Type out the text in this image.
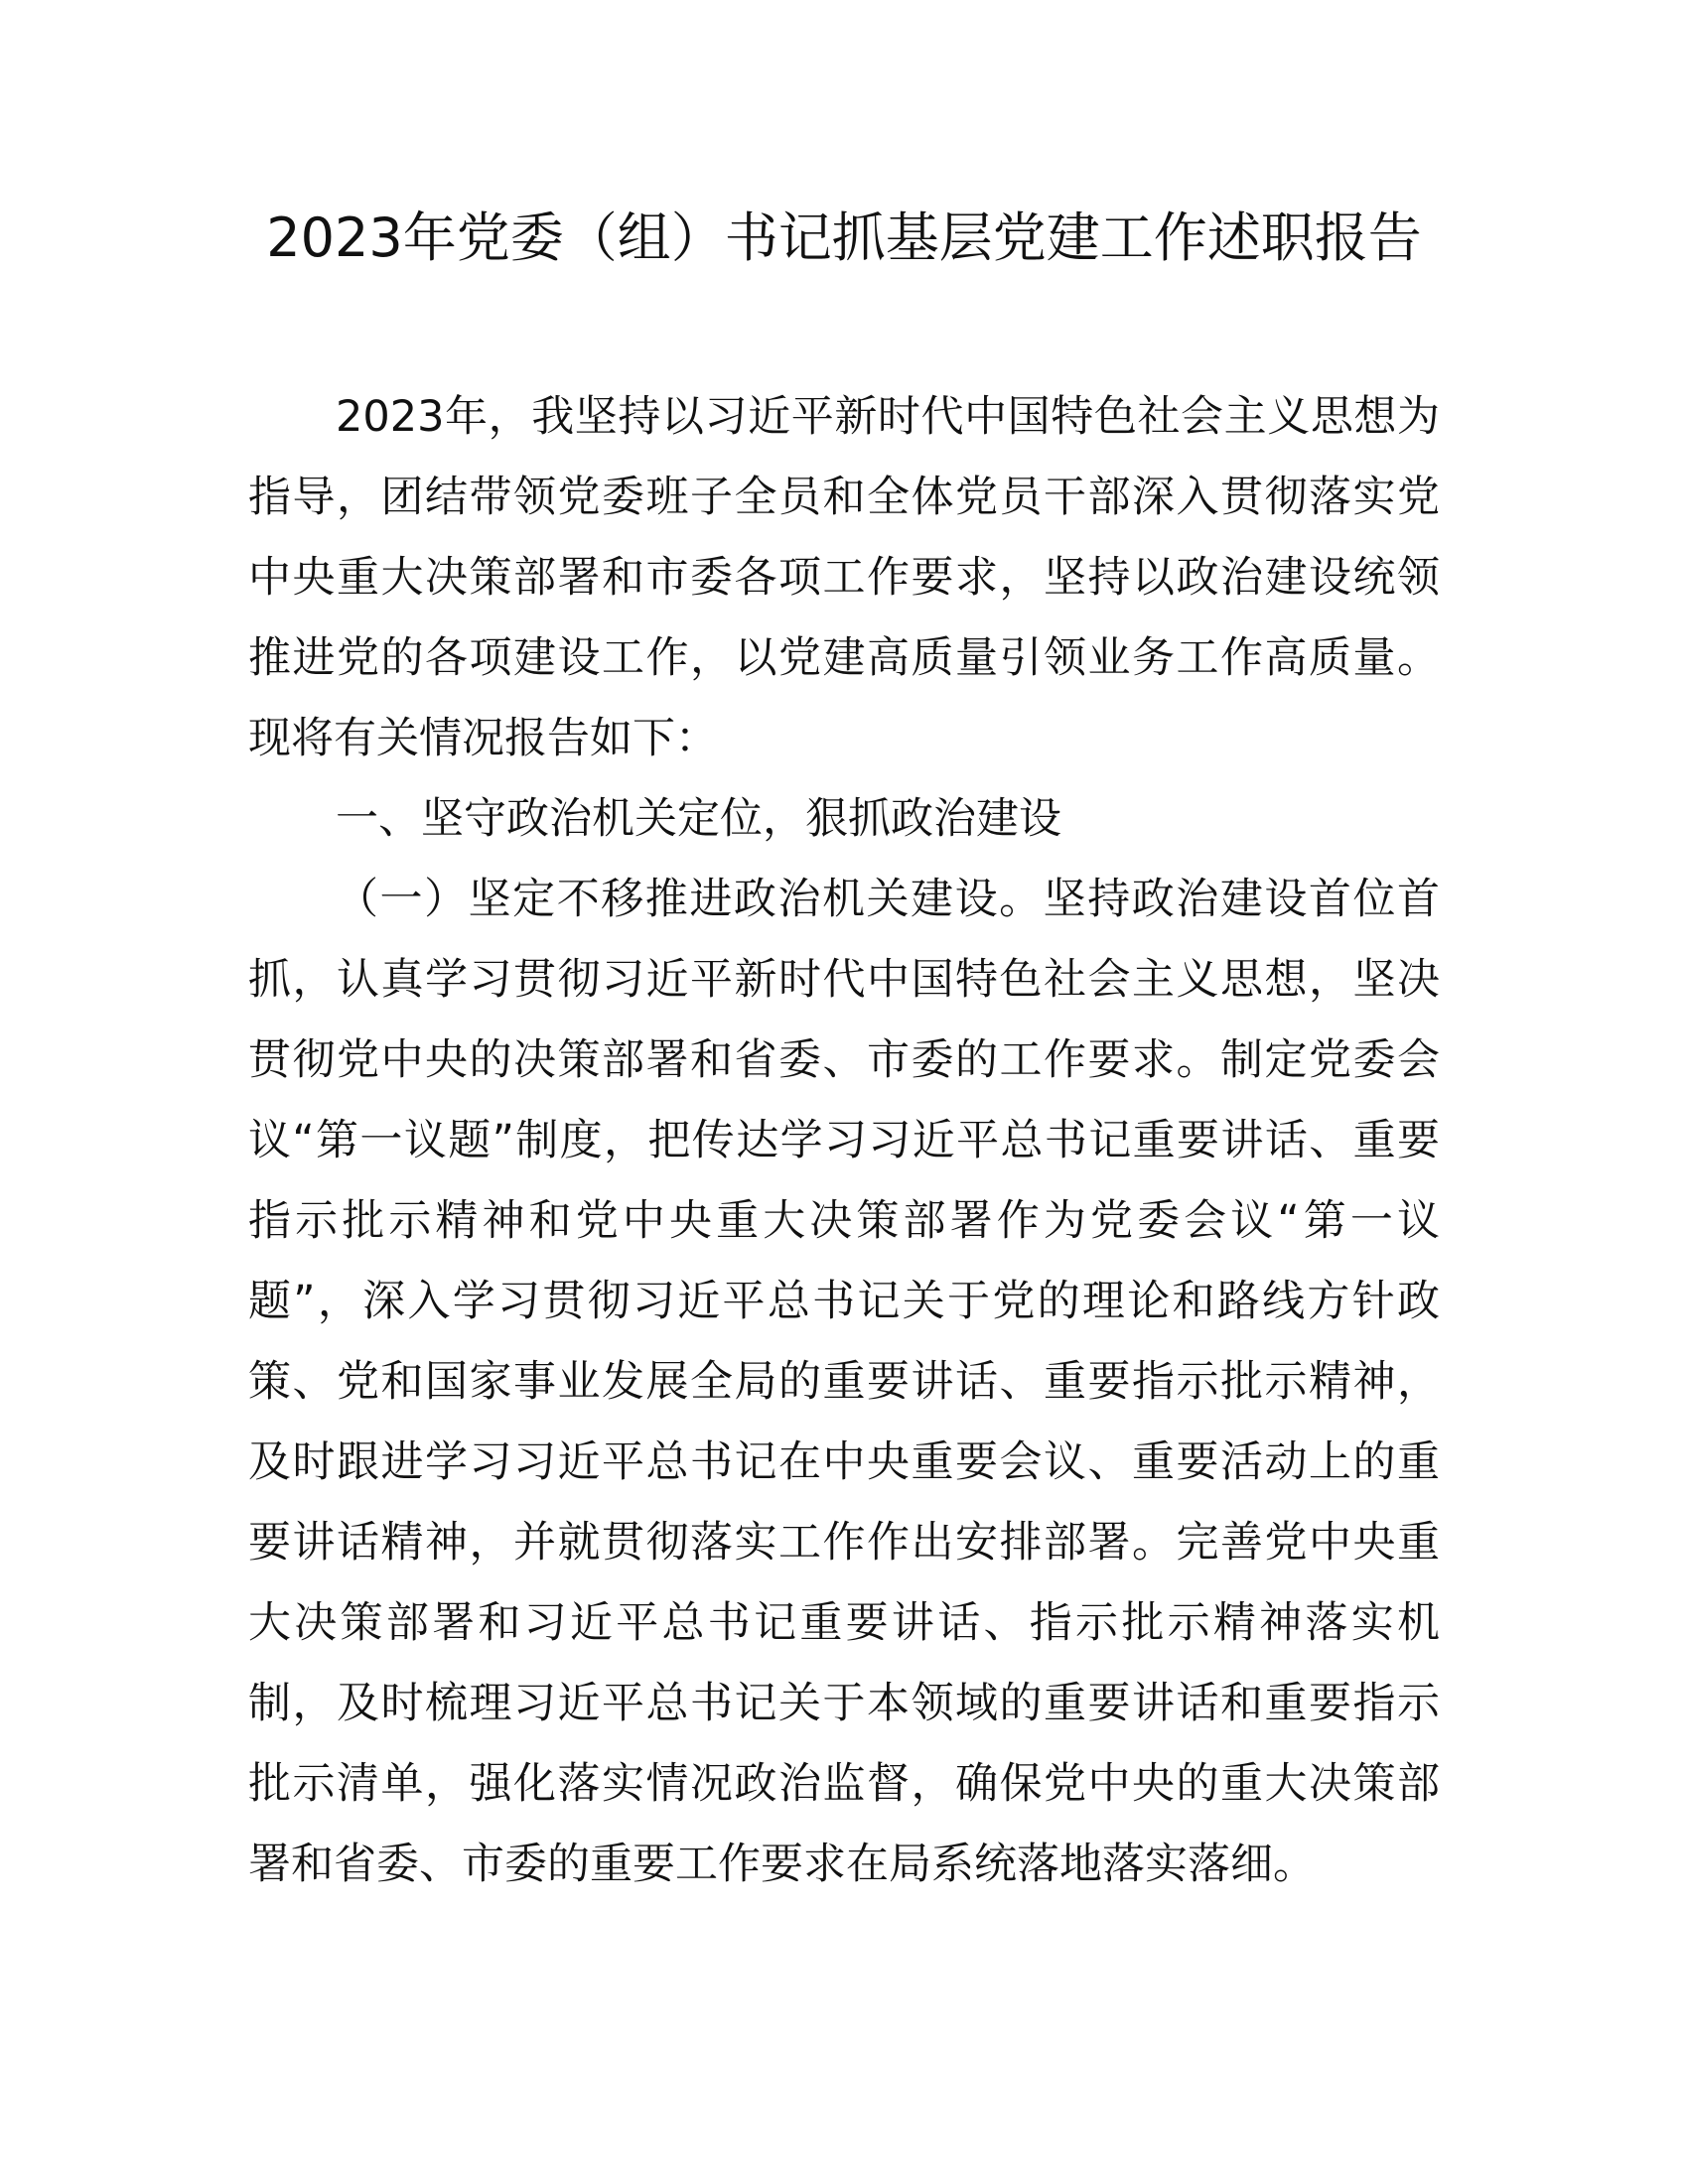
2023年党委（组）书记抓基层党建工作述职报告

2023年，我坚持以习近平新时代中国特色社会主义思想为指导，团结带领党委班子全员和全体党员干部深入贯彻落实党中央重大决策部署和市委各项工作要求，坚持以政治建设统领推进党的各项建设工作，以党建高质量引领业务工作高质量。现将有关情况报告如下：

一、坚守政治机关定位，狠抓政治建设

（一）坚定不移推进政治机关建设。坚持政治建设首位首抓，认真学习贯彻习近平新时代中国特色社会主义思想，坚决贯彻党中央的决策部署和省委、市委的工作要求。制定党委会议“第一议题”制度，把传达学习习近平总书记重要讲话、重要指示批示精神和党中央重大决策部署作为党委会议“第一议题”，深入学习贯彻习近平总书记关于党的理论和路线方针政策、党和国家事业发展全局的重要讲话、重要指示批示精神，及时跟进学习习近平总书记在中央重要会议、重要活动上的重要讲话精神，并就贯彻落实工作作出安排部署。完善党中央重大决策部署和习近平总书记重要讲话、指示批示精神落实机制，及时梳理习近平总书记关于本领域的重要讲话和重要指示批示清单，强化落实情况政治监督，确保党中央的重大决策部署和省委、市委的重要工作要求在局系统落地落实落细。
